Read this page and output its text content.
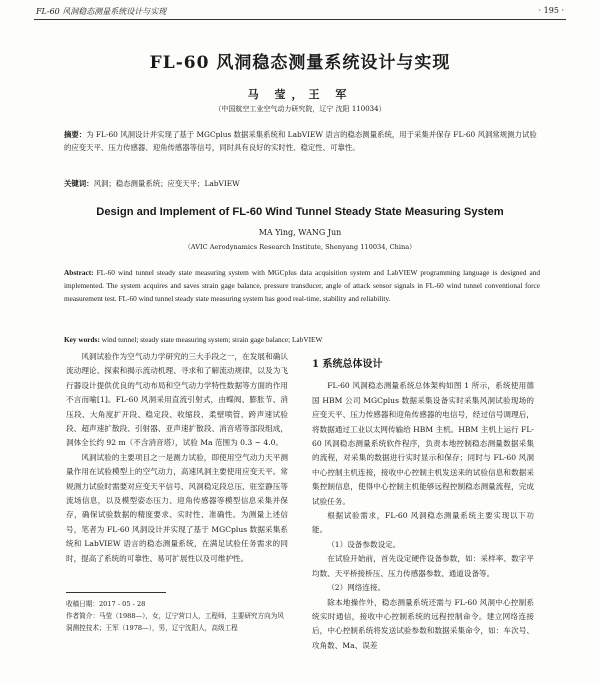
FL-60 风洞稳态测量系统设计与实现	· 195 ·
FL-60 风洞稳态测量系统设计与实现
马 莹，王 军
（中国航空工业空气动力研究院，辽宁 沈阳 110034）
摘要：为 FL-60 风洞设计并实现了基于 MGCplus 数据采集系统和 LabVIEW 语言的稳态测量系统，用于采集并保存 FL-60 风洞常规测力试验的应变天平、压力传感器、迎角传感器等信号，同时具有良好的实时性、稳定性、可靠性。
关键词：风洞；稳态测量系统；应变天平；LabVIEW
Design and Implement of FL-60 Wind Tunnel Steady State Measuring System
MA Ying, WANG Jun
（AVIC Aerodynamics Research Institute, Shenyang 110034, China）
Abstract: FL-60 wind tunnel steady state measuring system with MGCplus data acquisition system and LabVIEW programming language is designed and implemented. The system acquires and saves strain gage balance, pressure transducer, angle of attack sensor signals in FL-60 wind tunnel conventional force measurement test. FL-60 wind tunnel steady state measuring system has good real-time, stability and reliability.
Key words: wind tunnel; steady state measuring system; strain gage balance; LabVIEW

风洞试验作为空气动力学研究的三大手段之一，在发展和确认流动理论、探索和揭示流动机理、寻求和了解流动规律，以及为飞行器设计提供优良的气动布局和空气动力学特性数据等方面的作用不言而喻[1]。FL-60 风洞采用直流引射式，由蝶阀、膨胀节、消压段、大角度扩开段、稳定段、收缩段、柔壁喷管、跨声速试验段、超声速扩散段、引射器、亚声速扩散段、消音塔等部段组成，洞体全长约 92 m（不含消音塔），试验 Ma 范围为 0.3 ~ 4.0。

风洞试验的主要项目之一是测力试验，即使用空气动力天平测量作用在试验模型上的空气动力，高速风洞主要使用应变天平。常规测力试验时需要对应变天平信号、风洞稳定段总压、驻室静压等流场信息，以及模型姿态压力、迎角传感器等模型信息采集并保存，确保试验数据的精度要求、实时性、准确性。为测量上述信号，笔者为 FL-60 风洞设计并实现了基于 MGCplus 数据采集系统和 LabVIEW 语言的稳态测量系统，在满足试验任务需求的同时，提高了系统的可靠性、易可扩展性以及可维护性。

收稿日期：2017 - 05 - 28
作者简介：马莹（1988—），女，辽宁营口人，工程师，主要研究方向为风洞测控技术；王军（1978—），男，辽宁沈阳人，高级工程
1 系统总体设计

FL-60 风洞稳态测量系统总体架构如图 1 所示，系统使用德国 HBM 公司 MGCplus 数据采集设备实时采集风洞试验现场的应变天平、压力传感器和迎角传感器的电信号，经过信号调理后，将数据通过工业以太网传输给 HBM 主机。HBM 主机上运行 FL-60 风洞稳态测量系统软件程序，负责本地控制稳态测量数据采集的流程，对采集的数据进行实时显示和保存；同时与 FL-60 风洞中心控制主机连接，接收中心控制主机发送来的试验信息和数据采集控制信息，使得中心控制主机能够远程控制稳态测量流程，完成试验任务。

根据试验需求，FL-60 风洞稳态测量系统主要实现以下功能。

（1）设备参数设定。

在试验开始前，首先设定硬件设备参数，如：采样率、数字平均数、天平桥接桥压、压力传感器参数、通道设备等。

（2）网络连接。

除本地操作外，稳态测量系统还需与 FL-60 风洞中心控制系统实时通信，接收中心控制系统的远程控制命令。建立网络连接后，中心控制系统将发送试验参数和数据采集命令，如：车次号、攻角数、Ma、误差
